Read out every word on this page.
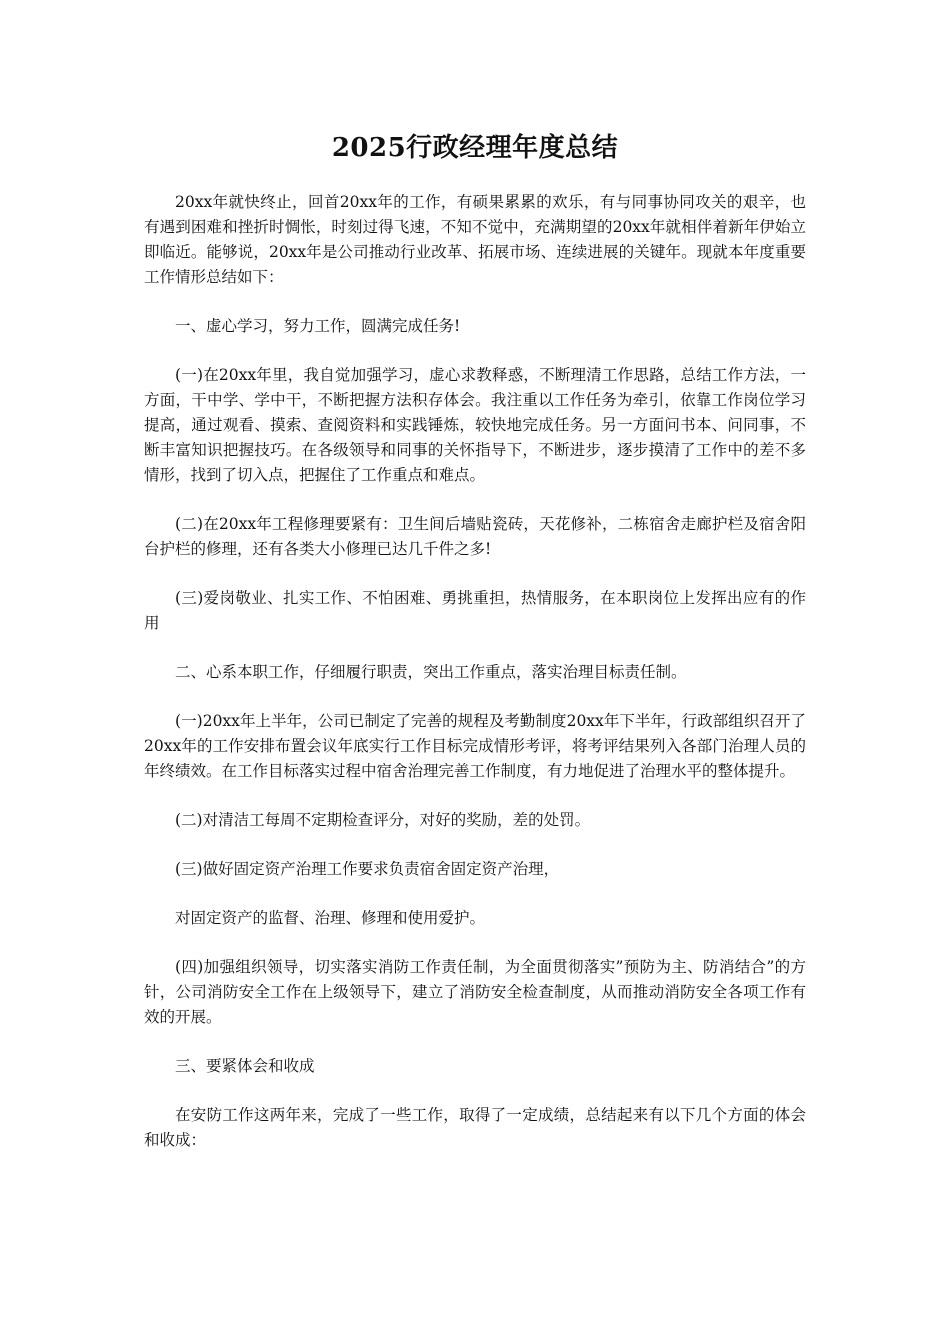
2025行政经理年度总结

20xx年就快终止，回首20xx年的工作，有硕果累累的欢乐，有与同事协同攻关的艰辛，也有遇到困难和挫折时惆怅，时刻过得飞速，不知不觉中，充满期望的20xx年就相伴着新年伊始立即临近。能够说，20xx年是公司推动行业改革、拓展市场、连续进展的关键年。现就本年度重要工作情形总结如下：

一、虚心学习，努力工作，圆满完成任务!

(一)在20xx年里，我自觉加强学习，虚心求教释惑，不断理清工作思路，总结工作方法，一方面，干中学、学中干，不断把握方法积存体会。我注重以工作任务为牵引，依靠工作岗位学习提高，通过观看、摸索、查阅资料和实践锤炼，较快地完成任务。另一方面问书本、问同事，不断丰富知识把握技巧。在各级领导和同事的关怀指导下，不断进步，逐步摸清了工作中的差不多情形，找到了切入点，把握住了工作重点和难点。

(二)在20xx年工程修理要紧有：卫生间后墙贴瓷砖，天花修补，二栋宿舍走廊护栏及宿舍阳台护栏的修理，还有各类大小修理已达几千件之多!

(三)爱岗敬业、扎实工作、不怕困难、勇挑重担，热情服务，在本职岗位上发挥出应有的作用

二、心系本职工作，仔细履行职责，突出工作重点，落实治理目标责任制。

(一)20xx年上半年，公司已制定了完善的规程及考勤制度20xx年下半年，行政部组织召开了20xx年的工作安排布置会议年底实行工作目标完成情形考评，将考评结果列入各部门治理人员的年终绩效。在工作目标落实过程中宿舍治理完善工作制度，有力地促进了治理水平的整体提升。

(二)对清洁工每周不定期检查评分，对好的奖励，差的处罚。

(三)做好固定资产治理工作要求负责宿舍固定资产治理，

对固定资产的监督、治理、修理和使用爱护。

(四)加强组织领导，切实落实消防工作责任制，为全面贯彻落实”预防为主、防消结合”的方针，公司消防安全工作在上级领导下，建立了消防安全检查制度，从而推动消防安全各项工作有效的开展。

三、要紧体会和收成

在安防工作这两年来，完成了一些工作，取得了一定成绩，总结起来有以下几个方面的体会和收成：
